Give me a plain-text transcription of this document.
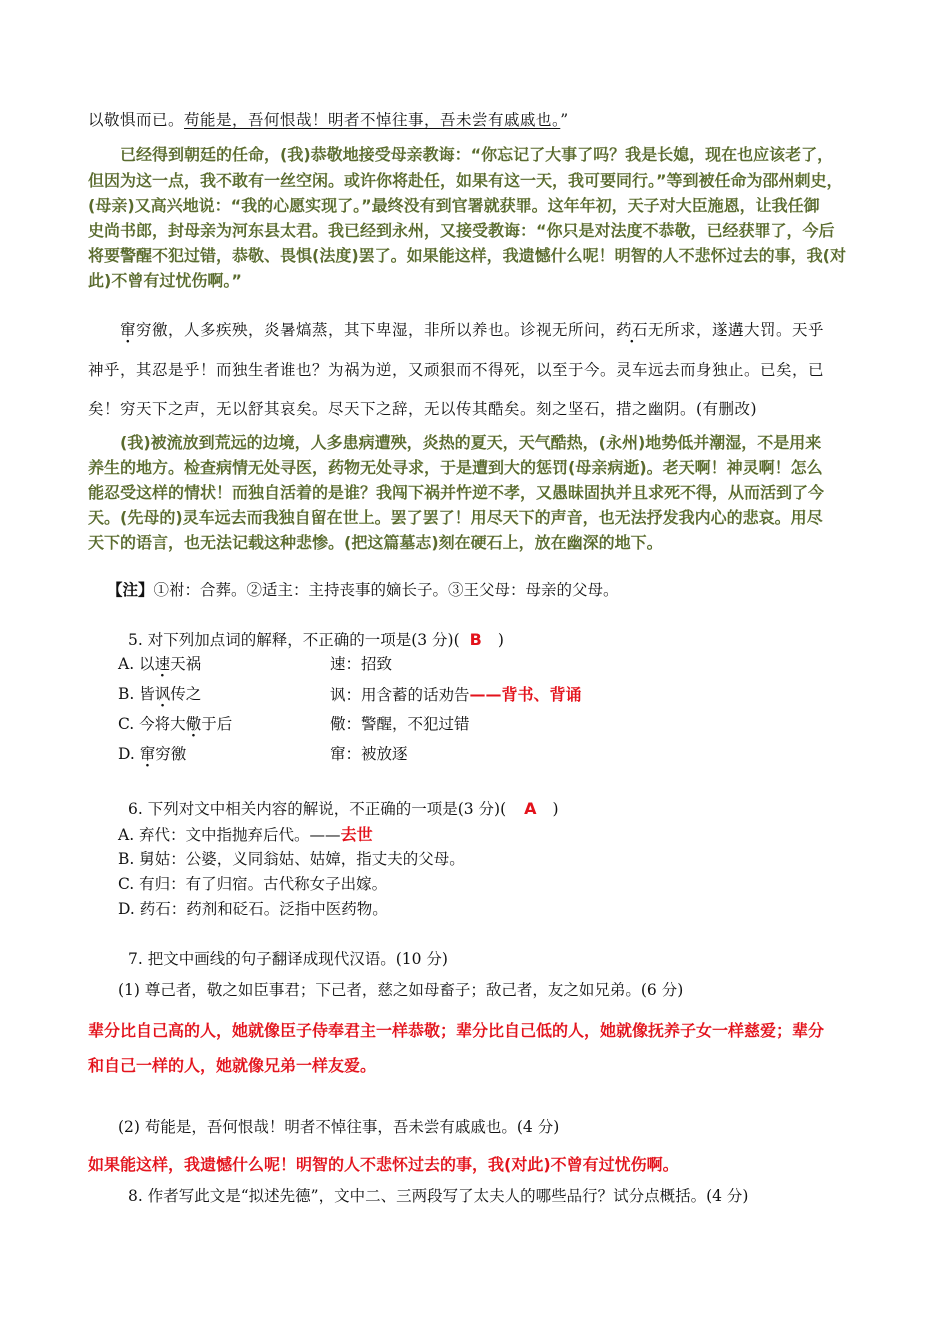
以敬惧而已。苟能是，吾何恨哉！明者不悼往事，吾未尝有戚戚也。”
已经得到朝廷的任命，(我)恭敬地接受母亲教诲：“你忘记了大事了吗？我是长媳，现在也应该老了，
但因为这一点，我不敢有一丝空闲。或许你将赴任，如果有这一天，我可要同行。”等到被任命为邵州刺史，
(母亲)又高兴地说：“我的心愿实现了。”最终没有到官署就获罪。这年年初，天子对大臣施恩，让我任御
史尚书郎，封母亲为河东县太君。我已经到永州，又接受教诲：“你只是对法度不恭敬，已经获罪了，今后
将要警醒不犯过错，恭敬、畏惧(法度)罢了。如果能这样，我遗憾什么呢！明智的人不悲怀过去的事，我(对
此)不曾有过忧伤啊。”
窜穷徼，人多疾殃，炎暑熇蒸，其下卑湿，非所以养也。诊视无所问，药石无所求，遂遘大罚。天乎
神乎，其忍是乎！而独生者谁也？为祸为逆，又顽狠而不得死，以至于今。灵车远去而身独止。已矣，已
矣！穷天下之声，无以舒其哀矣。尽天下之辞，无以传其酷矣。刻之坚石，措之幽阴。(有删改)
(我)被流放到荒远的边境，人多患病遭殃，炎热的夏天，天气酷热，(永州)地势低并潮湿，不是用来
养生的地方。检查病情无处寻医，药物无处寻求，于是遭到大的惩罚(母亲病逝)。老天啊！神灵啊！怎么
能忍受这样的情状！而独自活着的是谁？我闯下祸并忤逆不孝，又愚昧固执并且求死不得，从而活到了今
天。(先母的)灵车远去而我独自留在世上。罢了罢了！用尽天下的声音，也无法抒发我内心的悲哀。用尽
天下的语言，也无法记载这种悲惨。(把这篇墓志)刻在硬石上，放在幽深的地下。
【注】①祔：合葬。②适主：主持丧事的嫡长子。③王父母：母亲的父母。
5. 对下列加点词的解释，不正确的一项是(3 分)( B )
A. 以速天祸	速：招致
B. 皆讽传之	讽：用含蓄的话劝告——背书、背诵
C. 今将大儆于后	儆：警醒，不犯过错
D. 窜穷徼	窜：被放逐
6. 下列对文中相关内容的解说，不正确的一项是(3 分)( A )
A. 弃代：文中指抛弃后代。——去世
B. 舅姑：公婆，义同翁姑、姑嫜，指丈夫的父母。
C. 有归：有了归宿。古代称女子出嫁。
D. 药石：药剂和砭石。泛指中医药物。
7. 把文中画线的句子翻译成现代汉语。(10 分)
(1) 尊己者，敬之如臣事君；下己者，慈之如母畜子；敌己者，友之如兄弟。(6 分)
辈分比自己高的人，她就像臣子侍奉君主一样恭敬；辈分比自己低的人，她就像抚养子女一样慈爱；辈分
和自己一样的人，她就像兄弟一样友爱。
(2) 苟能是，吾何恨哉！明者不悼往事，吾未尝有戚戚也。(4 分)
如果能这样，我遗憾什么呢！明智的人不悲怀过去的事，我(对此)不曾有过忧伤啊。
8. 作者写此文是“拟述先德”，文中二、三两段写了太夫人的哪些品行？试分点概括。(4 分)
